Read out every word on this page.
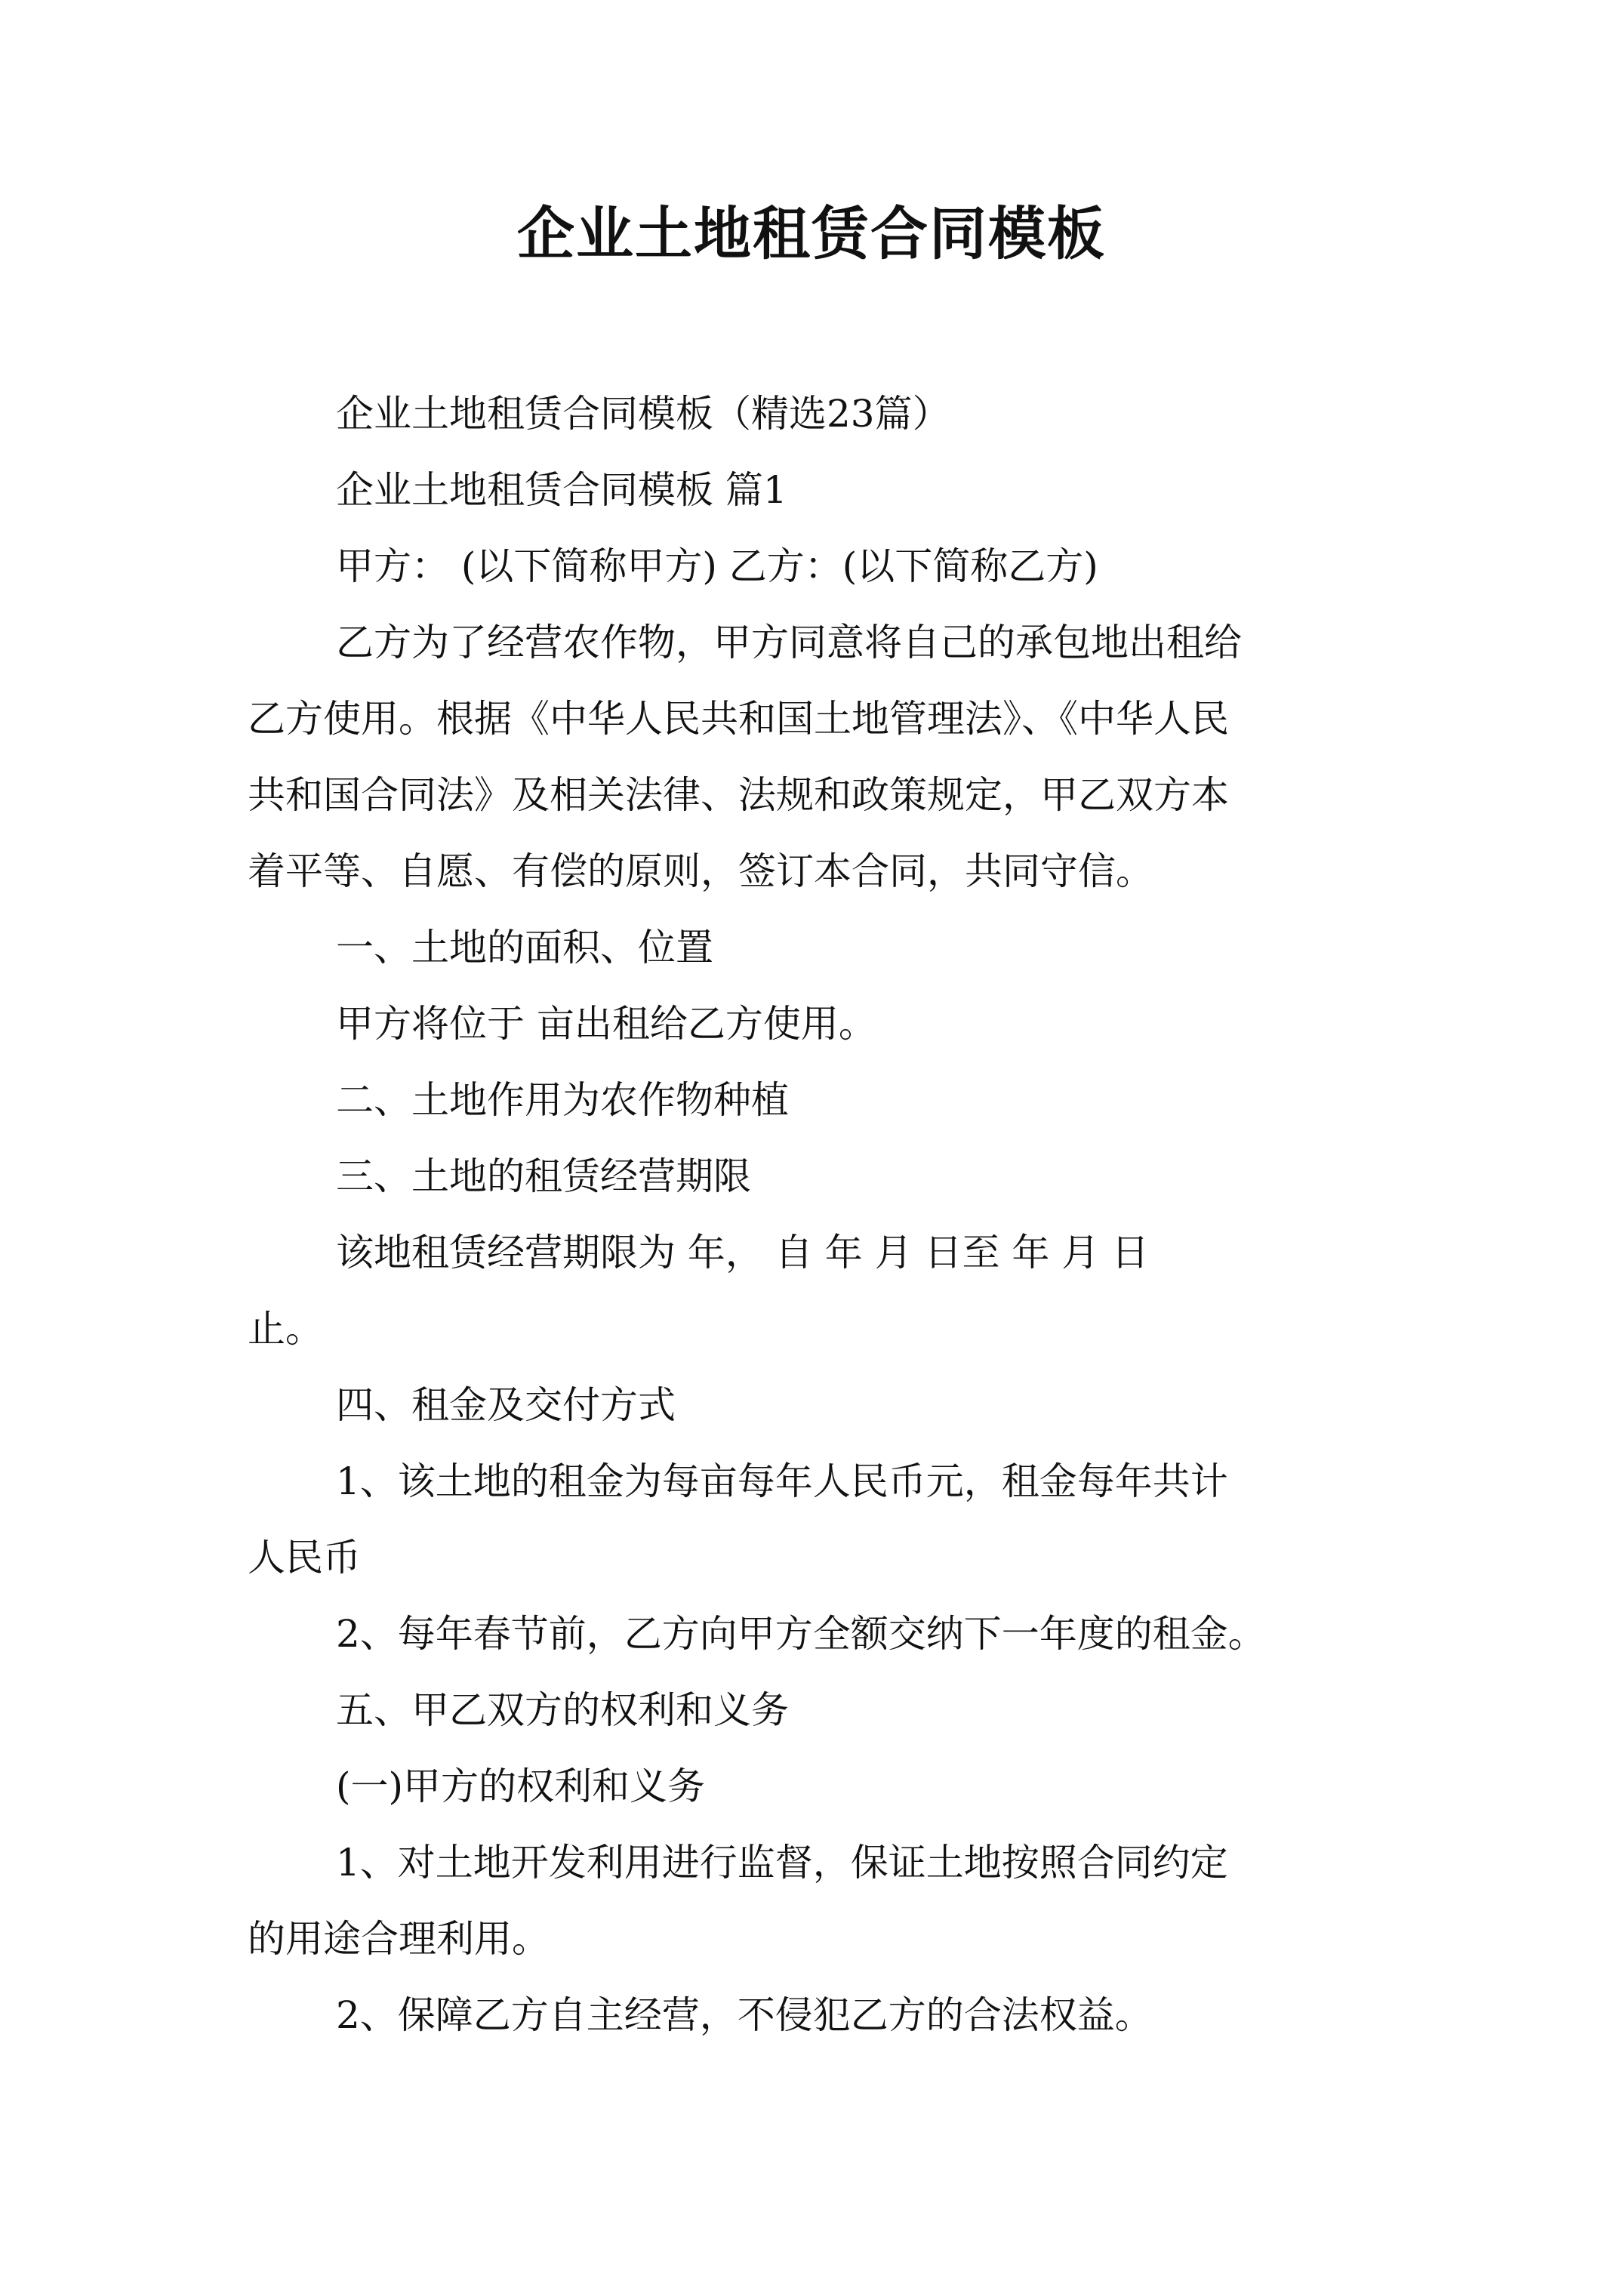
企业土地租赁合同模板

企业土地租赁合同模板（精选23篇）

企业土地租赁合同模板 篇1

甲方： (以下简称甲方) 乙方：(以下简称乙方)

乙方为了经营农作物，甲方同意将自己的承包地出租给

乙方使用。根据《中华人民共和国土地管理法》、《中华人民

共和国合同法》及相关法律、法规和政策规定，甲乙双方本

着平等、自愿、有偿的原则，签订本合同，共同守信。

一、土地的面积、位置

甲方将位于 亩出租给乙方使用。

二、土地作用为农作物种植

三、土地的租赁经营期限

该地租赁经营期限为 年， 自 年 月 日至 年 月 日

止。

四、租金及交付方式

1、该土地的租金为每亩每年人民币元，租金每年共计

人民币

2、每年春节前，乙方向甲方全额交纳下一年度的租金。

五、甲乙双方的权利和义务

(一)甲方的权利和义务

1、对土地开发利用进行监督，保证土地按照合同约定

的用途合理利用。

2、保障乙方自主经营，不侵犯乙方的合法权益。
